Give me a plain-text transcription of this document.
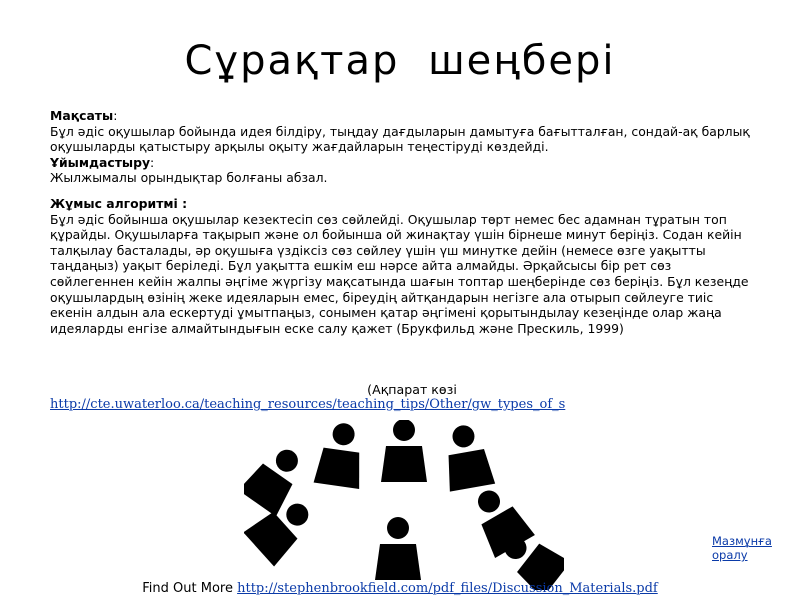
Сұрақтар шеңбері

Мақсаты:
Бұл әдіс оқушылар бойында идея білдіру, тыңдау дағдыларын дамытуға бағытталған, сондай-ақ барлық оқушыларды қатыстыру арқылы оқыту жағдайларын теңестіруді көздейді.

Ұйымдастыру:
Жылжымалы орындықтар болғаны абзал.

Жұмыс алгоритмі :
Бұл әдіс бойынша оқушылар кезектесіп сөз сөйлейді. Оқушылар төрт немес бес адамнан тұратын топ құрайды. Оқушыларға тақырып және ол бойынша ой жинақтау үшін бірнеше минут беріңіз. Содан кейін талқылау басталады, әр оқушыға үздіксіз сөз сөйлеу үшін үш минутке дейін (немесе өзге уақытты таңдаңыз) уақыт беріледі. Бұл уақытта ешкім еш нәрсе айта алмайды. Әрқайсысы бір рет сөз сөйлегеннен кейін жалпы әңгіме жүргізу мақсатында шағын топтар шеңберінде сөз беріңіз. Бұл кезеңде оқушылардың өзінің жеке идеяларын емес, біреудің айтқандарын негізге ала отырып сөйлеуге тиіс екенін алдын ала ескертуді ұмытпаңыз, сонымен қатар әңгімені қорытындылау кезеңінде олар жаңа идеяларды енгізе алмайтындығын еске салу қажет (Брукфильд және Прескиль, 1999)

(Ақпарат көзі
http://cte.uwaterloo.ca/teaching_resources/teaching_tips/Other/gw_types_of_s
Мазмұнға оралу
Find Out More http://stephenbrookfield.com/pdf_files/Discussion_Materials.pdf
